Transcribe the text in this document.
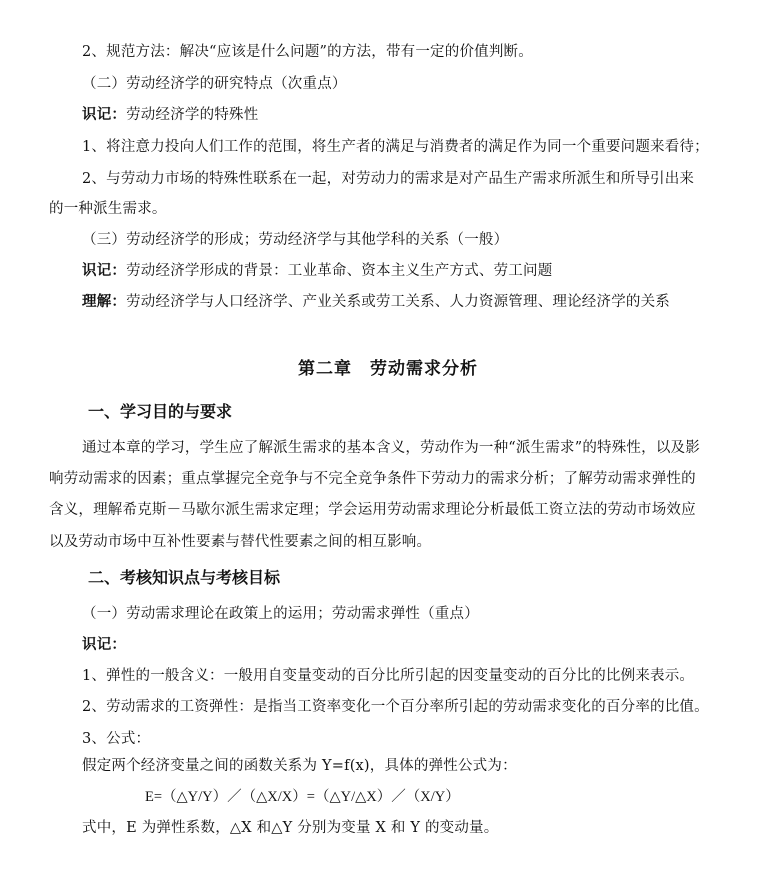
2、规范方法：解决“应该是什么问题”的方法，带有一定的价值判断。
（二）劳动经济学的研究特点（次重点）
识记：劳动经济学的特殊性
1、将注意力投向人们工作的范围，将生产者的满足与消费者的满足作为同一个重要问题来看待；
2、与劳动力市场的特殊性联系在一起，对劳动力的需求是对产品生产需求所派生和所导引出来
的一种派生需求。
（三）劳动经济学的形成；劳动经济学与其他学科的关系（一般）
识记：劳动经济学形成的背景：工业革命、资本主义生产方式、劳工问题
理解：劳动经济学与人口经济学、产业关系或劳工关系、人力资源管理、理论经济学的关系
第二章 劳动需求分析
一、学习目的与要求
通过本章的学习，学生应了解派生需求的基本含义，劳动作为一种“派生需求”的特殊性，以及影
响劳动需求的因素；重点掌握完全竞争与不完全竞争条件下劳动力的需求分析；了解劳动需求弹性的
含义，理解希克斯－马歇尔派生需求定理；学会运用劳动需求理论分析最低工资立法的劳动市场效应
以及劳动市场中互补性要素与替代性要素之间的相互影响。
二、考核知识点与考核目标
（一）劳动需求理论在政策上的运用；劳动需求弹性（重点）
识记：
1、弹性的一般含义：一般用自变量变动的百分比所引起的因变量变动的百分比的比例来表示。
2、劳动需求的工资弹性：是指当工资率变化一个百分率所引起的劳动需求变化的百分率的比值。
3、公式：
假定两个经济变量之间的函数关系为 Y=f(x)，具体的弹性公式为：
E=（△Y/Y）／（△X/X）=（△Y/△X）／（X/Y）
式中，E 为弹性系数，△X 和△Y 分别为变量 X 和 Y 的变动量。
